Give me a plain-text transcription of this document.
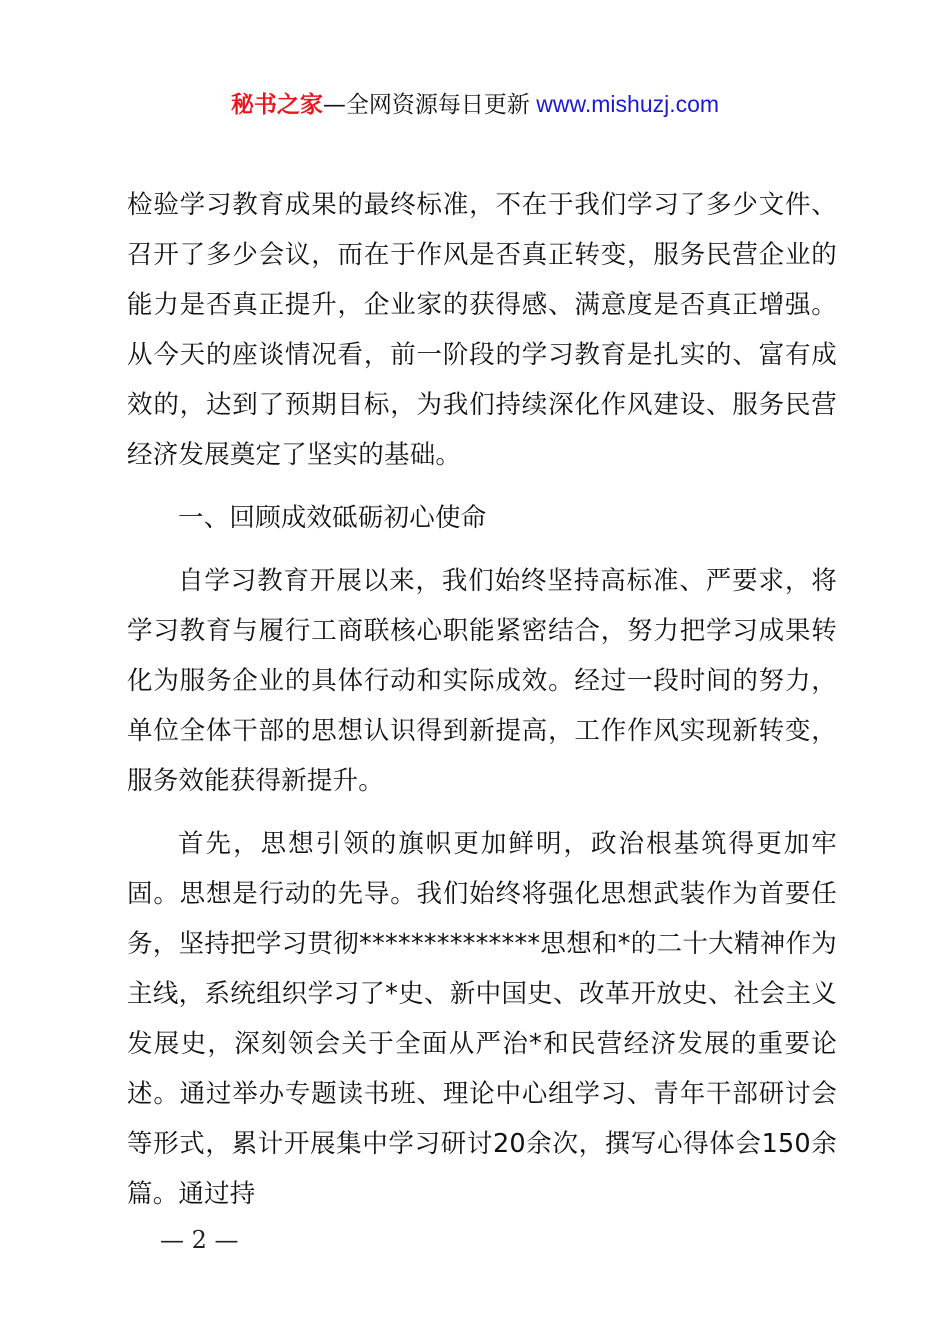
秘书之家—全网资源每日更新 www.mishuzj.com

检验学习教育成果的最终标准，不在于我们学习了多少文件、召开了多少会议，而在于作风是否真正转变，服务民营企业的能力是否真正提升，企业家的获得感、满意度是否真正增强。从今天的座谈情况看，前一阶段的学习教育是扎实的、富有成效的，达到了预期目标，为我们持续深化作风建设、服务民营经济发展奠定了坚实的基础。

一、回顾成效砥砺初心使命

自学习教育开展以来，我们始终坚持高标准、严要求，将学习教育与履行工商联核心职能紧密结合，努力把学习成果转化为服务企业的具体行动和实际成效。经过一段时间的努力，单位全体干部的思想认识得到新提高，工作作风实现新转变，服务效能获得新提升。

首先，思想引领的旗帜更加鲜明，政治根基筑得更加牢固。思想是行动的先导。我们始终将强化思想武装作为首要任务，坚持把学习贯彻**************思想和*的二十大精神作为主线，系统组织学习了*史、新中国史、改革开放史、社会主义发展史，深刻领会关于全面从严治*和民营经济发展的重要论述。通过举办专题读书班、理论中心组学习、青年干部研讨会等形式，累计开展集中学习研讨20余次，撰写心得体会150余篇。通过持

— 2 —
